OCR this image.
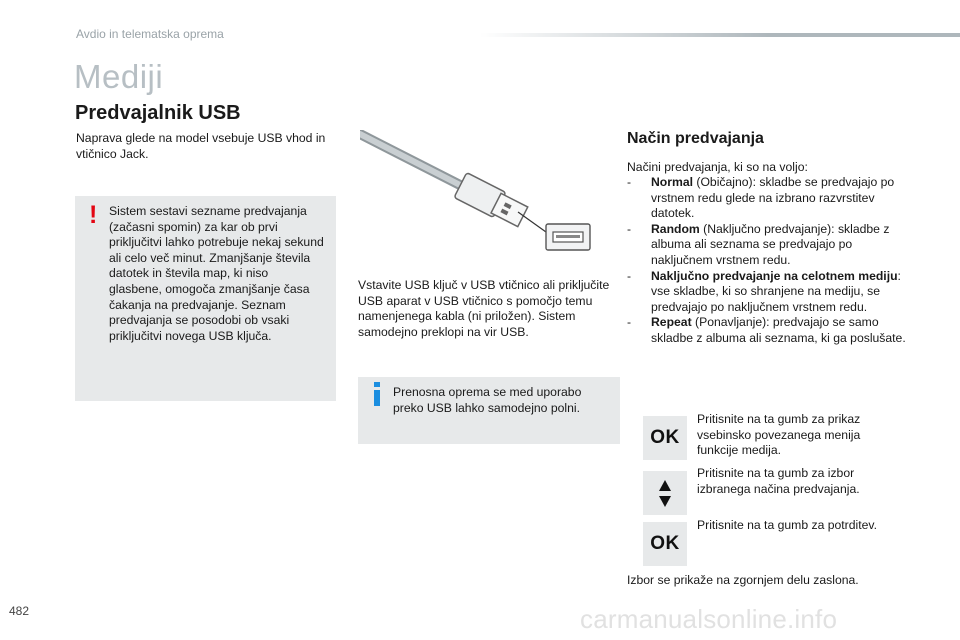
Avdio in telematska oprema
Mediji
Predvajalnik USB

Naprava glede na model vsebuje USB vhod in vtičnico Jack.

! Sistem sestavi sezname predvajanja (začasni spomin) za kar ob prvi priključitvi lahko potrebuje nekaj sekund ali celo več minut. Zmanjšanje števila datotek in števila map, ki niso glasbene, omogoča zmanjšanje časa čakanja na predvajanje. Seznam predvajanja se posodobi ob vsaki priključitvi novega USB ključa.

Vstavite USB ključ v USB vtičnico ali priključite USB aparat v USB vtičnico s pomočjo temu namenjenega kabla (ni priložen). Sistem samodejno preklopi na vir USB.

Prenosna oprema se med uporabo preko USB lahko samodejno polni.

Način predvajanja

Načini predvajanja, ki so na voljo:

- Normal (Običajno): skladbe se predvajajo po vrstnem redu glede na izbrano razvrstitev datotek.
- Random (Naključno predvajanje): skladbe z albuma ali seznama se predvajajo po naključnem vrstnem redu.
- Naključno predvajanje na celotnem mediju: vse skladbe, ki so shranjene na mediju, se predvajajo po naključnem vrstnem redu.
- Repeat (Ponavljanje): predvajajo se samo skladbe z albuma ali seznama, ki ga poslušate.
OK

Pritisnite na ta gumb za prikaz vsebinsko povezanega menija funkcije medija.

Pritisnite na ta gumb za izbor izbranega načina predvajanja.

OK

Pritisnite na ta gumb za potrditev.

Izbor se prikaže na zgornjem delu zaslona.

482	carmanualsonline.info
